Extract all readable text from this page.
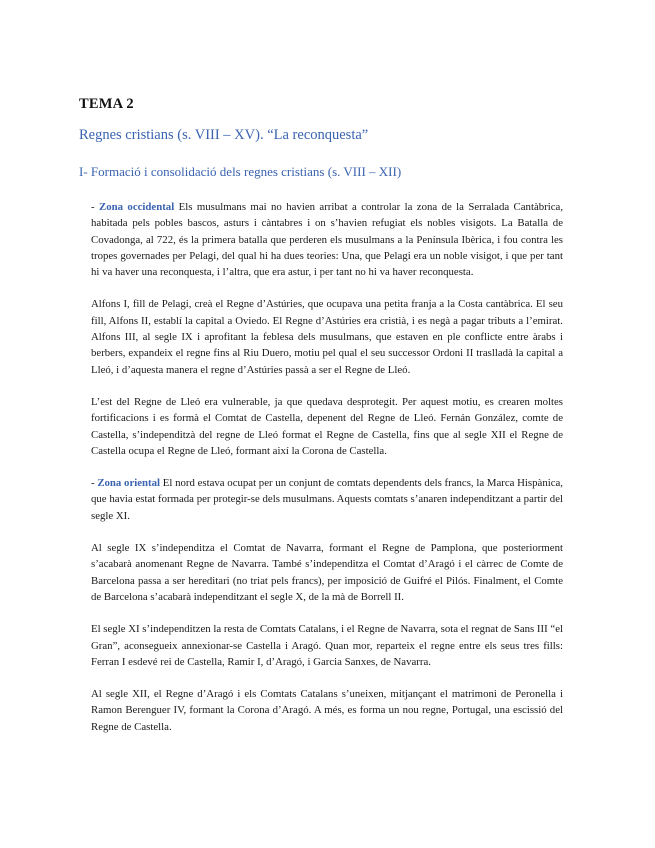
TEMA 2
Regnes cristians (s. VIII – XV). “La reconquesta”
I- Formació i consolidació dels regnes cristians (s. VIII – XII)

- Zona occidental Els musulmans mai no havien arribat a controlar la zona de la Serralada Cantàbrica, habitada pels pobles bascos, asturs i càntabres i on s’havien refugiat els nobles visigots. La Batalla de Covadonga, al 722, és la primera batalla que perderen els musulmans a la Península Ibèrica, i fou contra les tropes governades per Pelagi, del qual hi ha dues teories: Una, que Pelagi era un noble visigot, i que per tant hi va haver una reconquesta, i l’altra, que era astur, i per tant no hi va haver reconquesta.

Alfons I, fill de Pelagi, creà el Regne d’Astúries, que ocupava una petita franja a la Costa cantàbrica. El seu fill, Alfons II, establí la capital a Oviedo. El Regne d’Astúries era cristià, i es negà a pagar tributs a l’emirat. Alfons III, al segle IX i aprofitant la feblesa dels musulmans, que estaven en ple conflicte entre àrabs i berbers, expandeix el regne fins al Riu Duero, motiu pel qual el seu successor Ordoni II traslladà la capital a Lleó, i d’aquesta manera el regne d’Astúries passà a ser el Regne de Lleó.

L’est del Regne de Lleó era vulnerable, ja que quedava desprotegit. Per aquest motiu, es crearen moltes fortificacions i es formà el Comtat de Castella, depenent del Regne de Lleó. Fernán González, comte de Castella, s’independitzà del regne de Lleó format el Regne de Castella, fins que al segle XII el Regne de Castella ocupa el Regne de Lleó, formant així la Corona de Castella.

- Zona oriental El nord estava ocupat per un conjunt de comtats dependents dels francs, la Marca Hispànica, que havia estat formada per protegir-se dels musulmans. Aquests comtats s’anaren independitzant a partir del segle XI.

Al segle IX s’independitza el Comtat de Navarra, formant el Regne de Pamplona, que posteriorment s’acabarà anomenant Regne de Navarra. També s’independitza el Comtat d’Aragó i el càrrec de Comte de Barcelona passa a ser hereditari (no triat pels francs), per imposició de Guifré el Pilós. Finalment, el Comte de Barcelona s’acabarà independitzant el segle X, de la mà de Borrell II.

El segle XI s’independitzen la resta de Comtats Catalans, i el Regne de Navarra, sota el regnat de Sans III “el Gran”, aconsegueix annexionar-se Castella i Aragó. Quan mor, reparteix el regne entre els seus tres fills: Ferran I esdevé rei de Castella, Ramir I, d’Aragó, i Garcia Sanxes, de Navarra.

Al segle XII, el Regne d’Aragó i els Comtats Catalans s’uneixen, mitjançant el matrimoni de Peronella i Ramon Berenguer IV, formant la Corona d’Aragó. A més, es forma un nou regne, Portugal, una escissió del Regne de Castella.
